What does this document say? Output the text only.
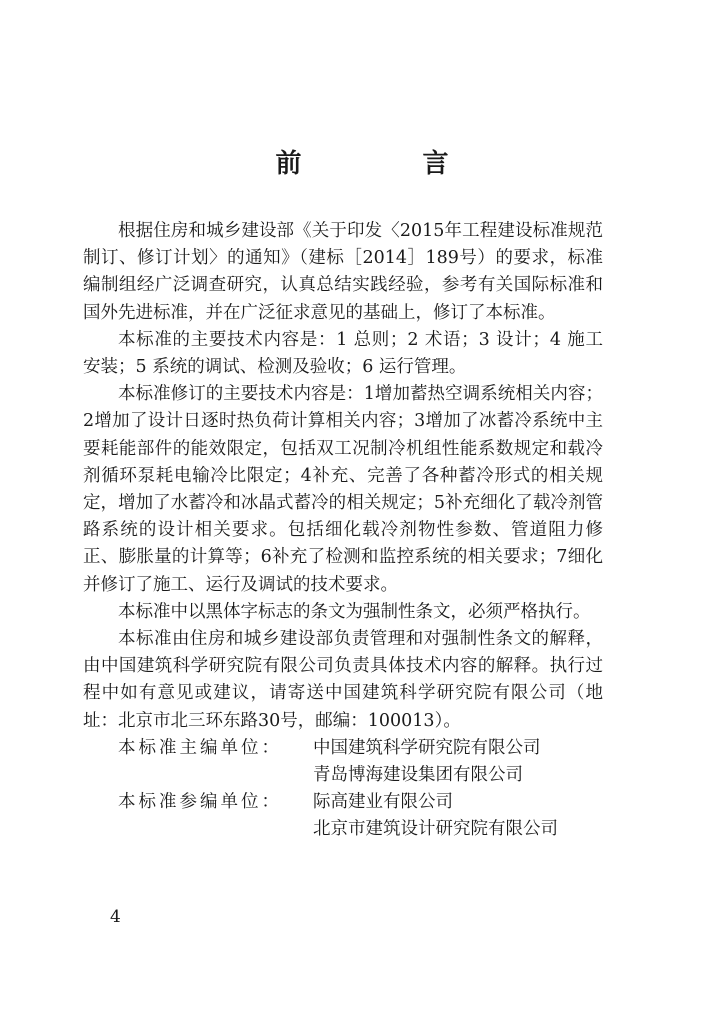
前 言

根据住房和城乡建设部《关于印发〈2015年工程建设标准规范制订、修订计划〉的通知》（建标［2014］189号）的要求，标准编制组经广泛调查研究，认真总结实践经验，参考有关国际标准和国外先进标准，并在广泛征求意见的基础上，修订了本标准。

本标准的主要技术内容是：1 总则；2 术语；3 设计；4 施工安装；5 系统的调试、检测及验收；6 运行管理。

本标准修订的主要技术内容是：1增加蓄热空调系统相关内容；2增加了设计日逐时热负荷计算相关内容；3增加了冰蓄冷系统中主要耗能部件的能效限定，包括双工况制冷机组性能系数规定和载冷剂循环泵耗电输冷比限定；4补充、完善了各种蓄冷形式的相关规定，增加了水蓄冷和冰晶式蓄冷的相关规定；5补充细化了载冷剂管路系统的设计相关要求。包括细化载冷剂物性参数、管道阻力修正、膨胀量的计算等；6补充了检测和监控系统的相关要求；7细化并修订了施工、运行及调试的技术要求。

本标准中以黑体字标志的条文为强制性条文，必须严格执行。

本标准由住房和城乡建设部负责管理和对强制性条文的解释，由中国建筑科学研究院有限公司负责具体技术内容的解释。执行过程中如有意见或建议，请寄送中国建筑科学研究院有限公司（地址：北京市北三环东路30号，邮编：100013）。

本标准主编单位：	中国建筑科学研究院有限公司
青岛博海建设集团有限公司
本标准参编单位：	际高建业有限公司
北京市建筑设计研究院有限公司
4
